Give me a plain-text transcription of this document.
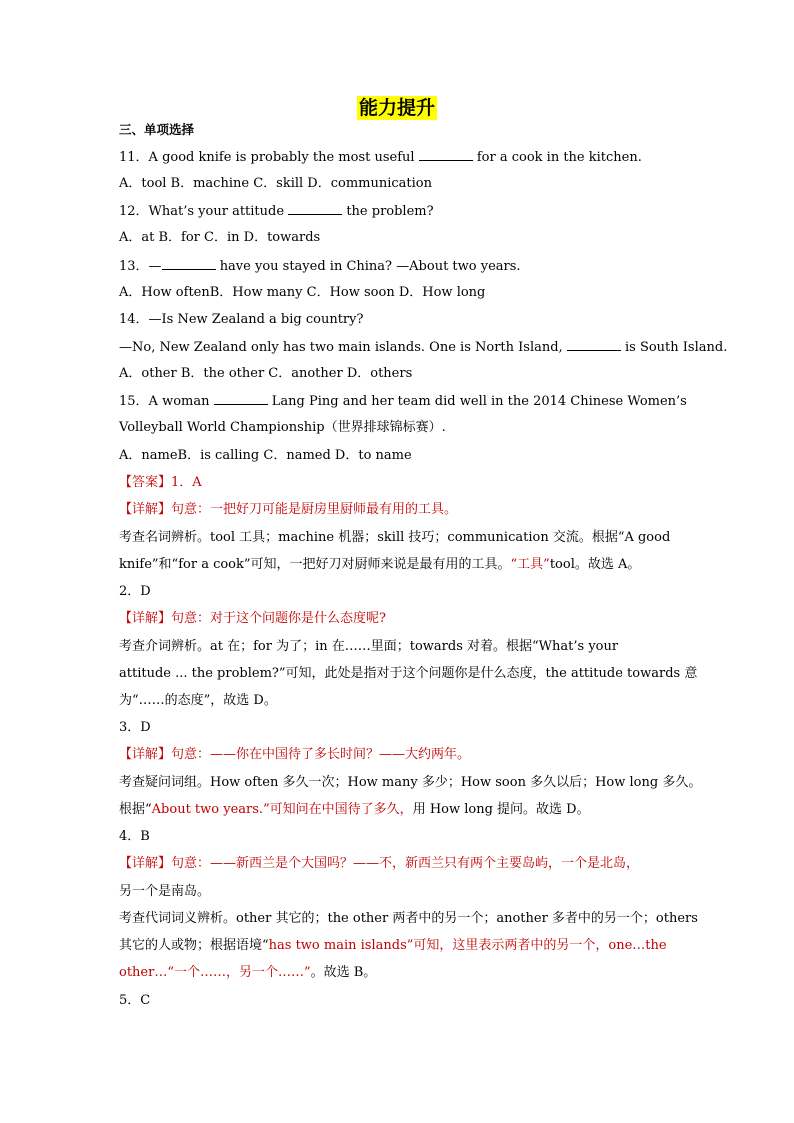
能力提升
三、单项选择
11．A good knife is probably the most useful	for a cook in the kitchen.
A．tool B．machine C．skill D．communication
12．What’s your attitude	the problem?
A．at B．for C．in D．towards
13．—	have you stayed in China? —About two years.
A．How oftenB．How many C．How soon D．How long
14．—Is New Zealand a big country?
—No, New Zealand only has two main islands. One is North Island,	is South Island.
A．other B．the other C．another D．others
15．A woman	Lang Ping and her team did well in the 2014 Chinese Women’s
Volleyball World Championship（世界排球锦标赛）.
A．nameB．is calling C．named D．to name
【答案】1．A
【详解】句意：一把好刀可能是厨房里厨师最有用的工具。
考查名词辨析。tool 工具；machine 机器；skill 技巧；communication 交流。根据“A good
knife”和“for a cook”可知，一把好刀对厨师来说是最有用的工具。“工具”tool。故选 A。
2．D
【详解】句意：对于这个问题你是什么态度呢?
考查介词辨析。at 在；for 为了；in 在……里面；towards 对着。根据“What’s your
attitude ... the problem?”可知，此处是指对于这个问题你是什么态度，the attitude towards 意
为“……的态度”，故选 D。
3．D
【详解】句意：——你在中国待了多长时间？——大约两年。
考查疑问词组。How often 多久一次；How many 多少；How soon 多久以后；How long 多久。
根据“About two years.”可知问在中国待了多久，用 How long 提问。故选 D。
4．B
【详解】句意：——新西兰是个大国吗？——不，新西兰只有两个主要岛屿，一个是北岛，
另一个是南岛。
考查代词词义辨析。other 其它的；the other 两者中的另一个；another 多者中的另一个；others
其它的人或物；根据语境“has two main islands”可知，这里表示两者中的另一个，one…the
other…“一个……，另一个……”。故选 B。
5．C
